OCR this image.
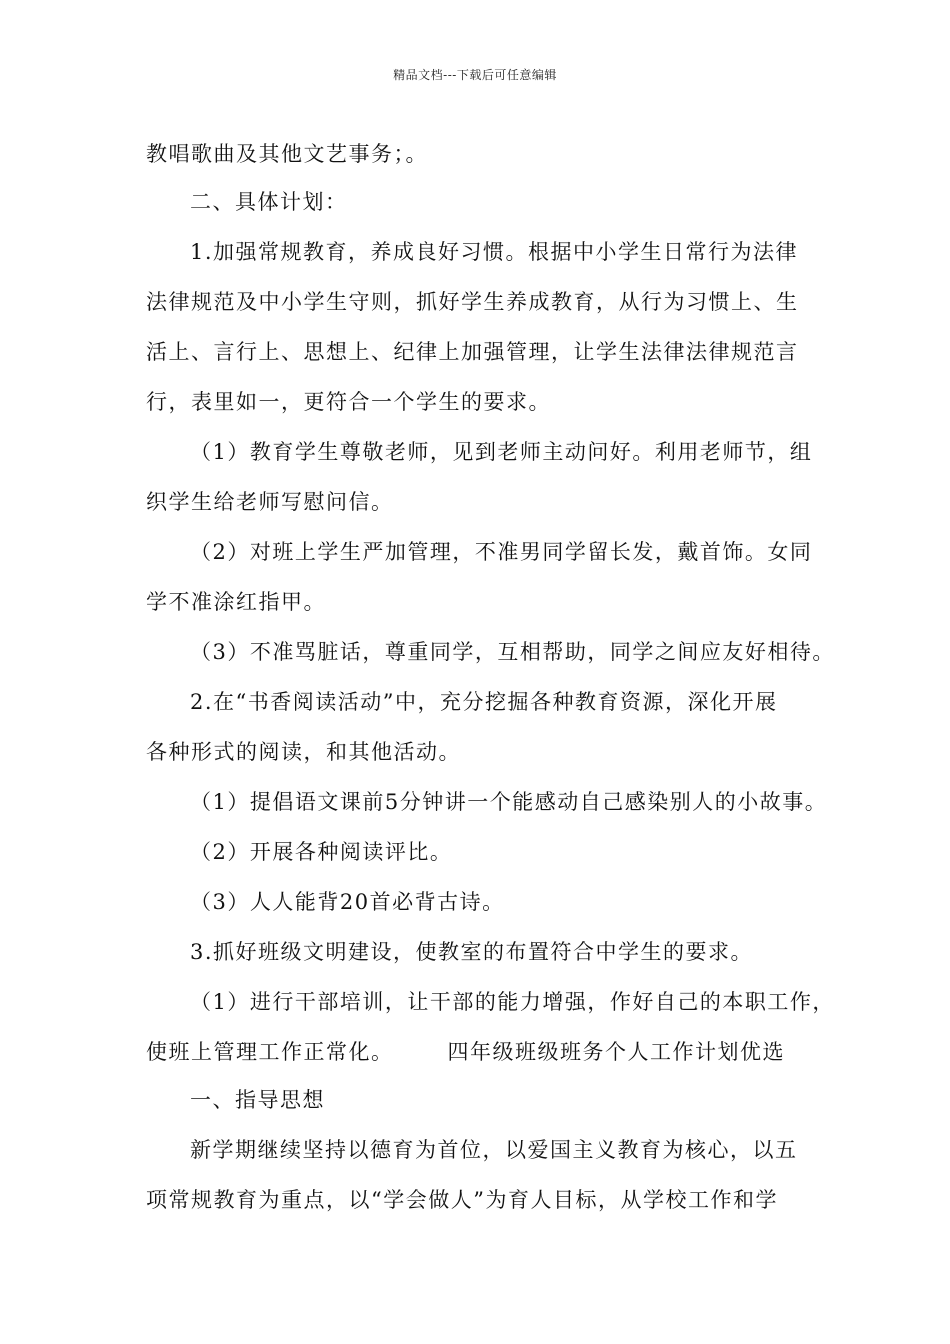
精品文档---下载后可任意编辑
教唱歌曲及其他文艺事务；。
二、具体计划：
1.加强常规教育，养成良好习惯。根据中小学生日常行为法律
法律规范及中小学生守则，抓好学生养成教育，从行为习惯上、生
活上、言行上、思想上、纪律上加强管理，让学生法律法律规范言
行，表里如一，更符合一个学生的要求。
（1）教育学生尊敬老师，见到老师主动问好。利用老师节，组
织学生给老师写慰问信。
（2）对班上学生严加管理，不准男同学留长发，戴首饰。女同
学不准涂红指甲。
（3）不准骂脏话，尊重同学，互相帮助，同学之间应友好相待。
2.在“书香阅读活动”中，充分挖掘各种教育资源，深化开展
各种形式的阅读，和其他活动。
（1）提倡语文课前5分钟讲一个能感动自己感染别人的小故事。
（2）开展各种阅读评比。
（3）人人能背20首必背古诗。
3.抓好班级文明建设，使教室的布置符合中学生的要求。
（1）进行干部培训，让干部的能力增强，作好自己的本职工作，
使班上管理工作正常化。	四年级班级班务个人工作计划优选
一、指导思想
新学期继续坚持以德育为首位，以爱国主义教育为核心，以五
项常规教育为重点，以“学会做人”为育人目标，从学校工作和学
